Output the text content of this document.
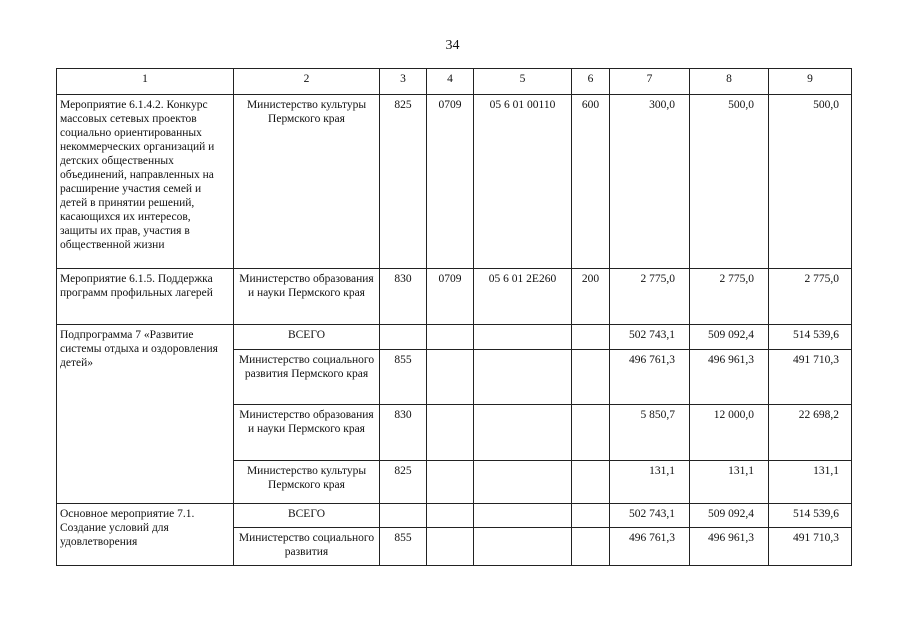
34
1	2	3	4	5	6	7	8	9
Мероприятие 6.1.4.2. Конкурс массовых сетевых проектов социально ориентированных некоммерческих организаций и детских общественных объединений, направленных на расширение участия семей и детей в принятии решений, касающихся их интересов, защиты их прав, участия в общественной жизни	Министерство культуры Пермского края	825	0709	05 6 01 00110	600	300,0	500,0	500,0
Мероприятие 6.1.5. Поддержка программ профильных лагерей	Министерство образования и науки Пермского края	830	0709	05 6 01 2Е260	200	2 775,0	2 775,0	2 775,0
Подпрограмма 7 «Развитие системы отдыха и оздоровления детей»	ВСЕГО					502 743,1	509 092,4	514 539,6
	Министерство социального развития Пермского края	855				496 761,3	496 961,3	491 710,3
	Министерство образования и науки Пермского края	830				5 850,7	12 000,0	22 698,2
	Министерство культуры Пермского края	825				131,1	131,1	131,1
Основное мероприятие 7.1. Создание условий для удовлетворения	ВСЕГО					502 743,1	509 092,4	514 539,6
	Министерство социального развития	855				496 761,3	496 961,3	491 710,3
